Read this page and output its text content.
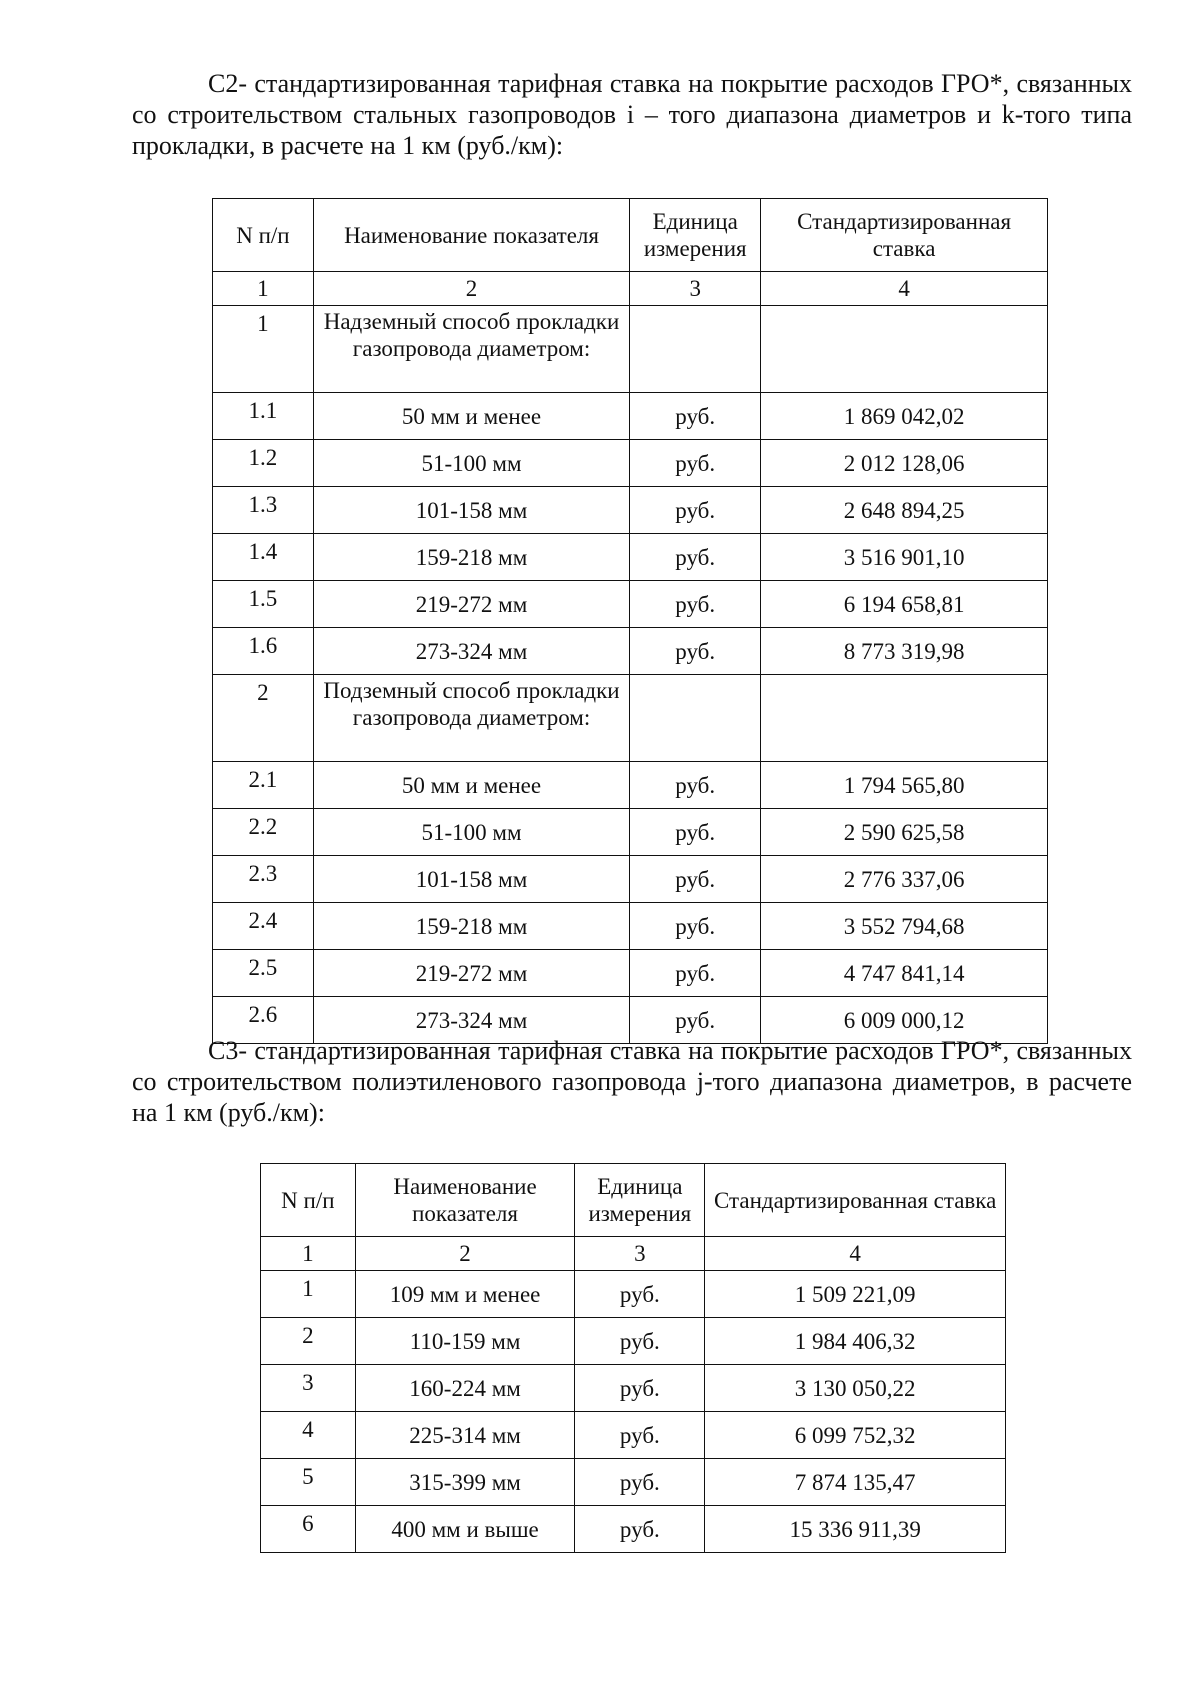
С2- стандартизированная тарифная ставка на покрытие расходов ГРО*, связанных со строительством стальных газопроводов i – того диапазона диаметров и k-того типа прокладки, в расчете на 1 км (руб./км):

N п/п	Наименование показателя	Единица измерения	Стандартизированная ставка
1	2	3	4
1	Надземный способ прокладки газопровода диаметром:		
1.1	50 мм и менее	руб.	1 869 042,02
1.2	51-100 мм	руб.	2 012 128,06
1.3	101-158 мм	руб.	2 648 894,25
1.4	159-218 мм	руб.	3 516 901,10
1.5	219-272 мм	руб.	6 194 658,81
1.6	273-324 мм	руб.	8 773 319,98
2	Подземный способ прокладки газопровода диаметром:		
2.1	50 мм и менее	руб.	1 794 565,80
2.2	51-100 мм	руб.	2 590 625,58
2.3	101-158 мм	руб.	2 776 337,06
2.4	159-218 мм	руб.	3 552 794,68
2.5	219-272 мм	руб.	4 747 841,14
2.6	273-324 мм	руб.	6 009 000,12

С3- стандартизированная тарифная ставка на покрытие расходов ГРО*, связанных со строительством полиэтиленового газопровода j-того диапазона диаметров, в расчете на 1 км (руб./км):

N п/п	Наименование показателя	Единица измерения	Стандартизированная ставка
1	2	3	4
1	109 мм и менее	руб.	1 509 221,09
2	110-159 мм	руб.	1 984 406,32
3	160-224 мм	руб.	3 130 050,22
4	225-314 мм	руб.	6 099 752,32
5	315-399 мм	руб.	7 874 135,47
6	400 мм и выше	руб.	15 336 911,39
